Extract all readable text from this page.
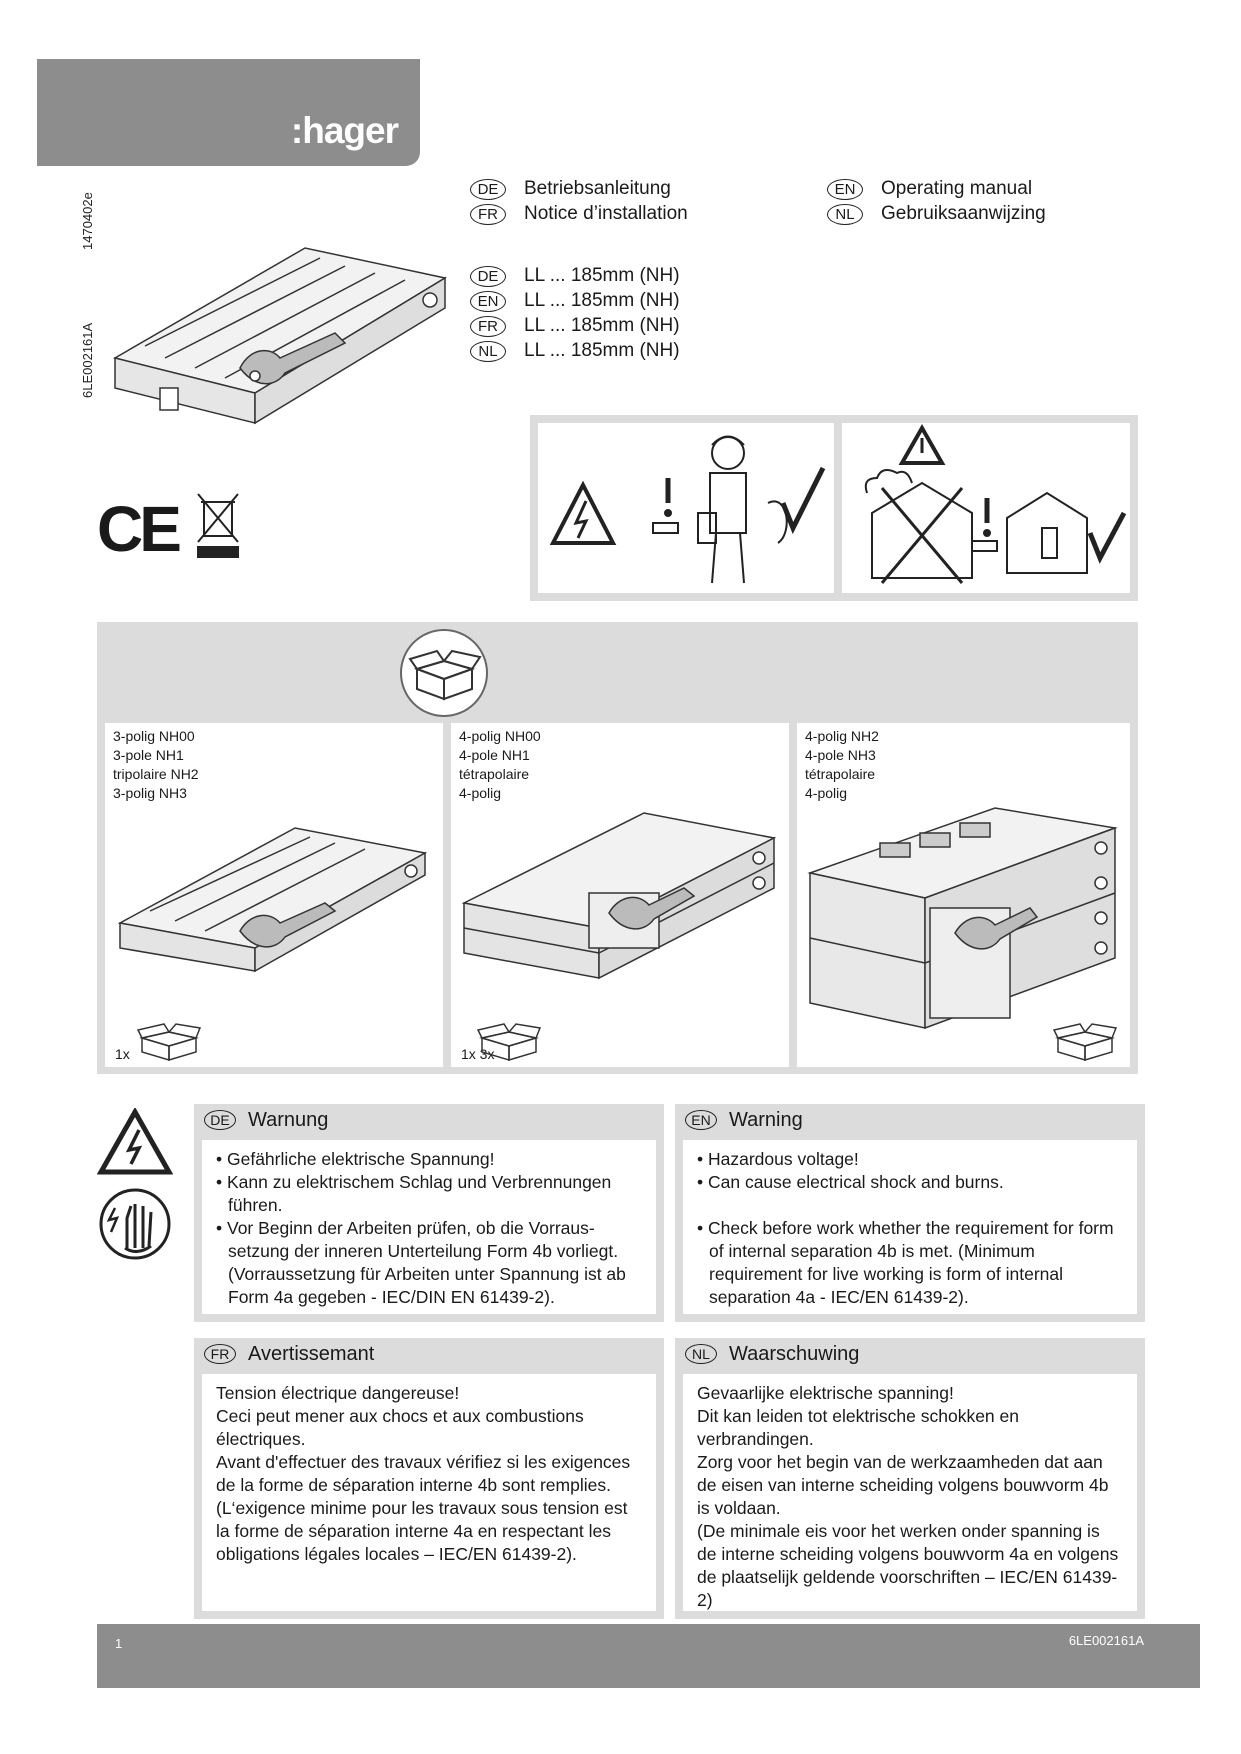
:hager
1470402e
6LE002161A
DE	Betriebsanleitung
FR	Notice d’installation
EN	Operating manual
NL	Gebruiksaanwijzing
DE	LL ... 185mm (NH)
EN	LL ... 185mm (NH)
FR	LL ... 185mm (NH)
NL	LL ... 185mm (NH)
CE
3-polig NH00
3-pole NH1
tripolaire NH2
3-polig NH3
1x
4-polig NH00
4-pole NH1
tétrapolaire
4-polig
1x 3x
4-polig NH2
4-pole NH3
tétrapolaire
4-polig
DE Warnung

• Gefährliche elektrische Spannung!

• Kann zu elektrischem Schlag und Verbrennungen führen.

• Vor Beginn der Arbeiten prüfen, ob die Vorraus-setzung der inneren Unterteilung Form 4b vorliegt. (Vorraussetzung für Arbeiten unter Spannung ist ab Form 4a gegeben - IEC/DIN EN 61439-2).

EN Warning

• Hazardous voltage!

• Can cause electrical shock and burns.

• Check before work whether the requirement for form of internal separation 4b is met. (Minimum requirement for live working is form of internal separation 4a - IEC/EN 61439-2).

FR Avertissemant

Tension électrique dangereuse!

Ceci peut mener aux chocs et aux combustions électriques.

Avant d'effectuer des travaux vérifiez si les exigences de la forme de séparation interne 4b sont remplies.

(L‘exigence minime pour les travaux sous tension est la forme de séparation interne 4a en respectant les obligations légales locales – IEC/EN 61439-2).

NL Waarschuwing

Gevaarlijke elektrische spanning!

Dit kan leiden tot elektrische schokken en verbrandingen.

Zorg voor het begin van de werkzaamheden dat aan de eisen van interne scheiding volgens bouwvorm 4b is voldaan.

(De minimale eis voor het werken onder spanning is de interne scheiding volgens bouwvorm 4a en volgens de plaatselijk geldende voorschriften – IEC/EN 61439-2)

1	6LE002161A
